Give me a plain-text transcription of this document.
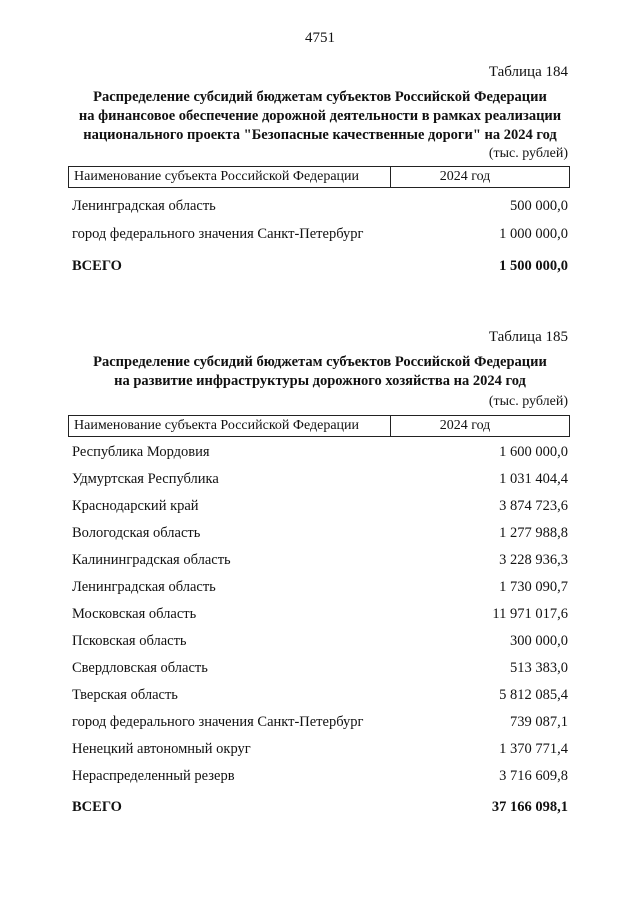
4751
Таблица 184
Распределение субсидий бюджетам субъектов Российской Федерации
на финансовое обеспечение дорожной деятельности в рамках реализации
национального проекта "Безопасные качественные дороги" на 2024 год
(тыс. рублей)
Наименование субъекта Российской Федерации	2024 год
Ленинградская область	500 000,0
город федерального значения Санкт-Петербург	1 000 000,0
ВСЕГО	1 500 000,0
Таблица 185
Распределение субсидий бюджетам субъектов Российской Федерации
на развитие инфраструктуры дорожного хозяйства на 2024 год
(тыс. рублей)
Наименование субъекта Российской Федерации	2024 год
Республика Мордовия	1 600 000,0
Удмуртская Республика	1 031 404,4
Краснодарский край	3 874 723,6
Вологодская область	1 277 988,8
Калининградская область	3 228 936,3
Ленинградская область	1 730 090,7
Московская область	11 971 017,6
Псковская область	300 000,0
Свердловская область	513 383,0
Тверская область	5 812 085,4
город федерального значения Санкт-Петербург	739 087,1
Ненецкий автономный округ	1 370 771,4
Нераспределенный резерв	3 716 609,8
ВСЕГО	37 166 098,1
